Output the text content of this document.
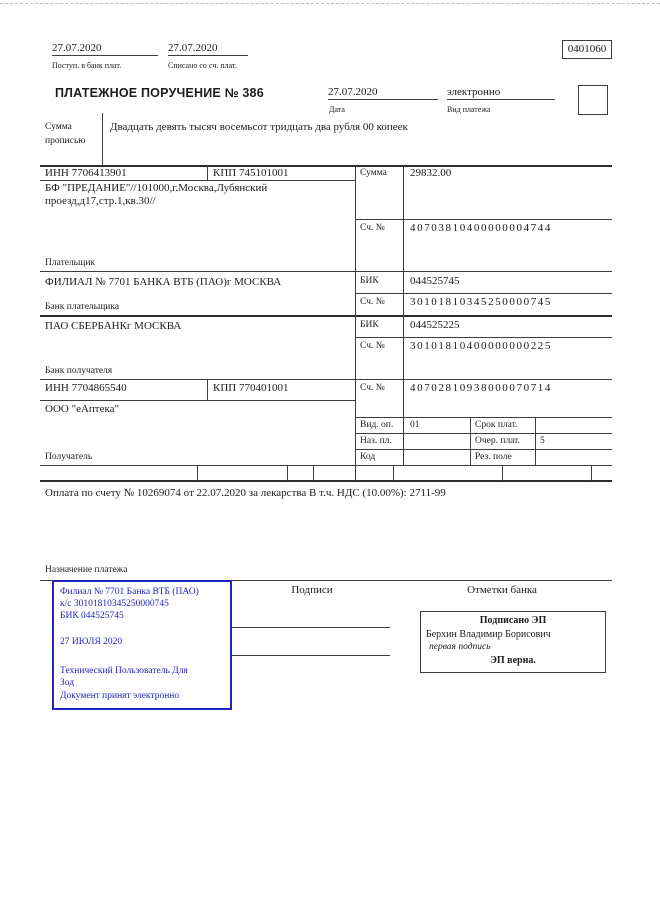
27.07.2020
Поступ. в банк плат.
27.07.2020
Списано со сч. плат.
0401060
ПЛАТЕЖНОЕ ПОРУЧЕНИЕ № 386	27.07.2020
Дата
электронно
Вид платежа
Сумма
прописью
Двадцать девять тысяч восемьсот тридцать два рубля 00 копеек
ИНН 7706413901	КПП 745101001	Сумма 29832.00
БФ "ПРЕДАНИЕ"//101000,г.Москва,Лубянский
проезд,д17,стр.1,кв.30//
Сч. № 40703810400000004744
Плательщик
ФИЛИАЛ № 7701 БАНКА ВТБ (ПАО)г МОСКВА	БИК	044525745
Сч. № 30101810345250000745
Банк плательщика
ПАО СБЕРБАНКг МОСКВА	БИК	044525225
Сч. № 30101810400000000225
Банк получателя
ИНН 7704865540	КПП 770401001	Сч. № 40702810938000070714
ООО "еАптека"
Получатель
Вид. оп. 01	Срок плат.
Наз. пл.	Очер. плат. 5
Код	Рез. поле
Оплата по счету № 10269074 от 22.07.2020 за лекарства В т.ч. НДС (10.00%): 2711-99
Назначение платежа
Подписи	Отметки банка
Филиал № 7701 Банка ВТБ (ПАО)
к/с 30101810345250000745
БИК 044525745
27 ИЮЛЯ 2020
Технический Пользователь Для
Зод
Документ принят электронно
Подписано ЭП
Берхин Владимир Борисович
первая подпись
ЭП верна.
